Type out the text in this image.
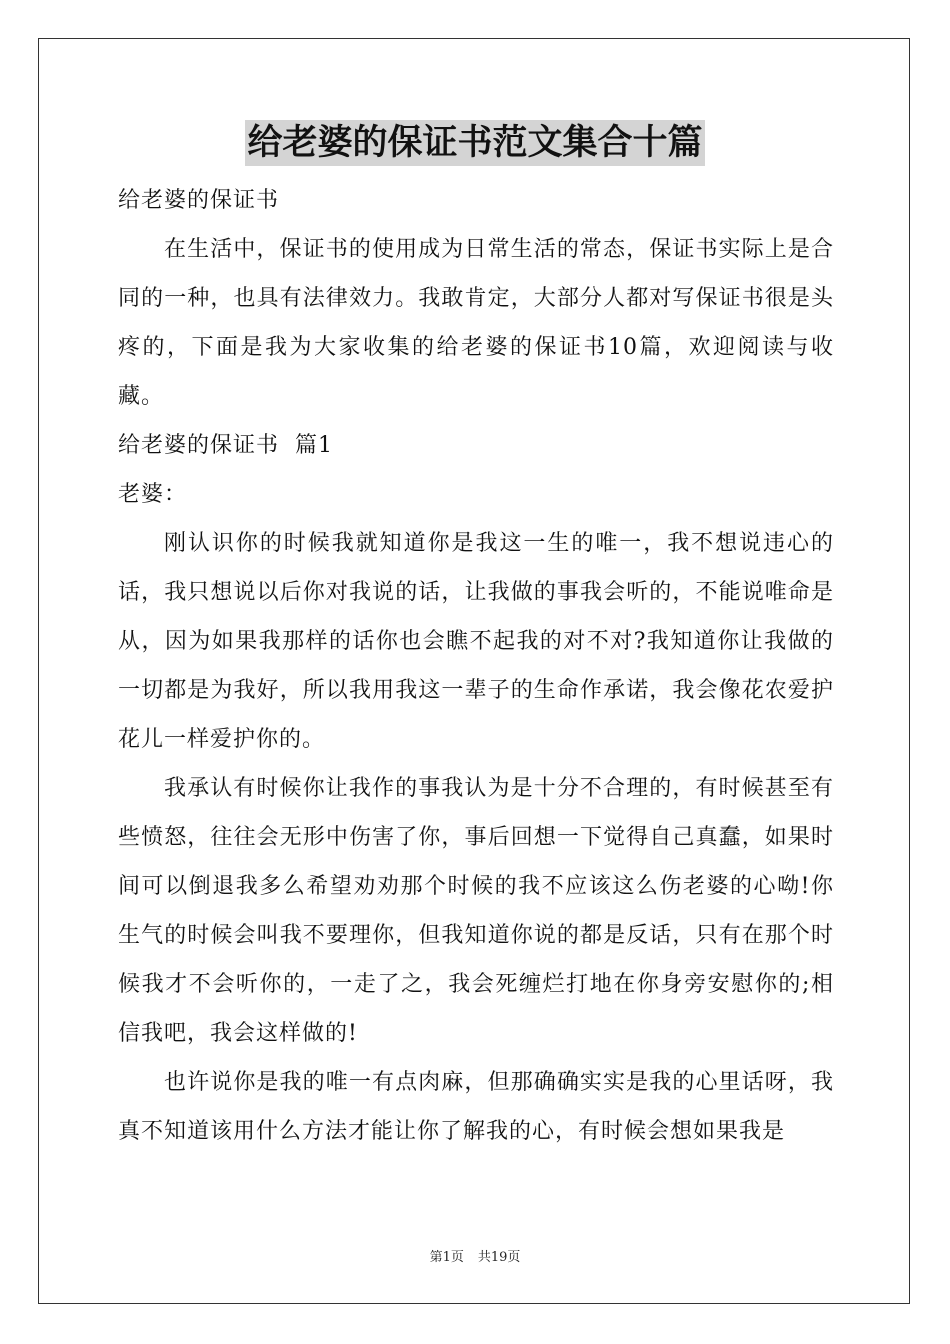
给老婆的保证书范文集合十篇

给老婆的保证书

在生活中，保证书的使用成为日常生活的常态，保证书实际上是合同的一种，也具有法律效力。我敢肯定，大部分人都对写保证书很是头疼的，下面是我为大家收集的给老婆的保证书10篇，欢迎阅读与收藏。

给老婆的保证书  篇1

老婆：

刚认识你的时候我就知道你是我这一生的唯一，我不想说违心的话，我只想说以后你对我说的话，让我做的事我会听的，不能说唯命是从，因为如果我那样的话你也会瞧不起我的对不对?我知道你让我做的一切都是为我好，所以我用我这一辈子的生命作承诺，我会像花农爱护花儿一样爱护你的。

我承认有时候你让我作的事我认为是十分不合理的，有时候甚至有些愤怒，往往会无形中伤害了你，事后回想一下觉得自己真蠢，如果时间可以倒退我多么希望劝劝那个时候的我不应该这么伤老婆的心呦!你生气的时候会叫我不要理你，但我知道你说的都是反话，只有在那个时候我才不会听你的，一走了之，我会死缠烂打地在你身旁安慰你的;相信我吧，我会这样做的!

也许说你是我的唯一有点肉麻，但那确确实实是我的心里话呀，我真不知道该用什么方法才能让你了解我的心，有时候会想如果我是

第1页 共19页
